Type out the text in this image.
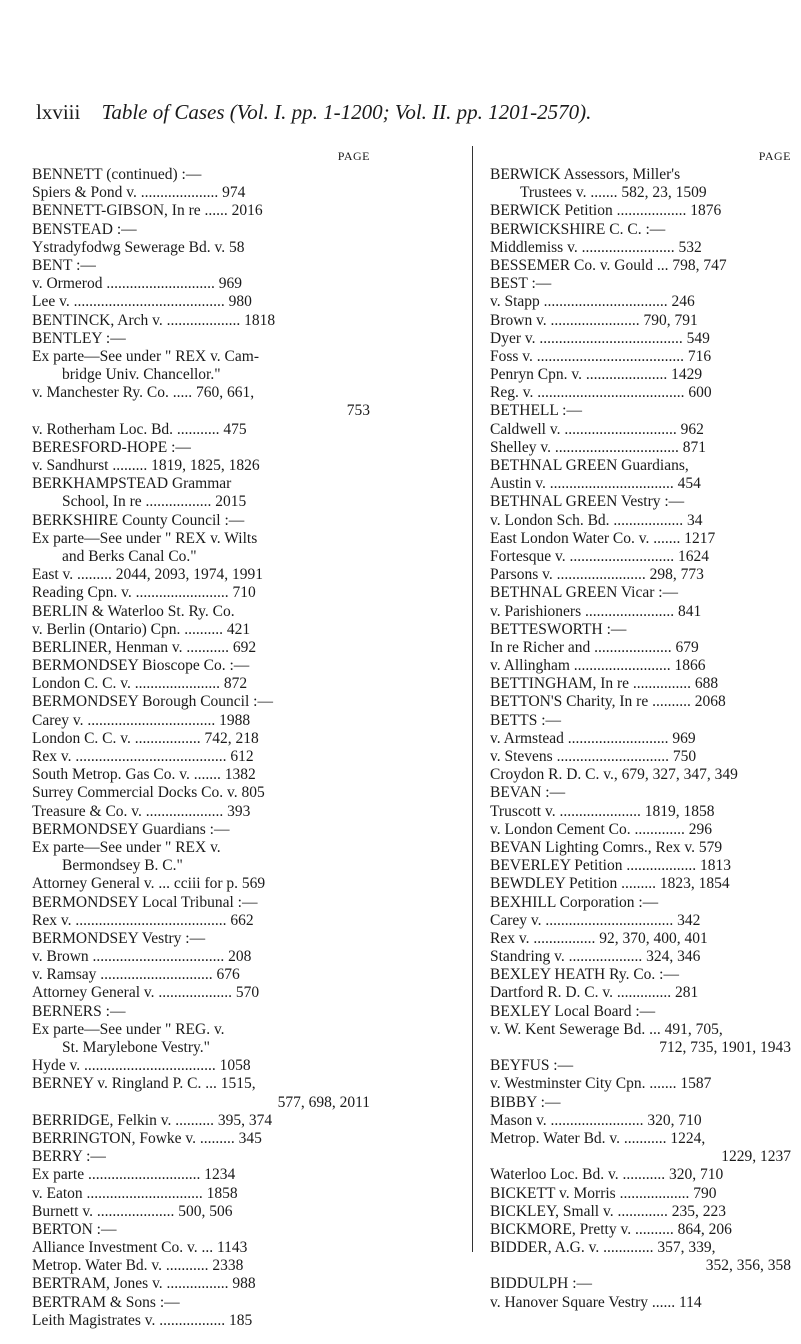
lxviii Table of Cases (Vol. I. pp. 1-1200; Vol. II. pp. 1201-2570).
PAGE
BENNETT (continued) :—
Spiers & Pond v. .................... 974
BENNETT-GIBSON, In re ...... 2016
BENSTEAD :—
Ystradyfodwg Sewerage Bd. v. 58
BENT :—
v. Ormerod ............................ 969
Lee v. ....................................... 980
BENTINCK, Arch v. ................... 1818
BENTLEY :—
Ex parte—See under " REX v. Cam-
bridge Univ. Chancellor."
v. Manchester Ry. Co. ..... 760, 661,
753
v. Rotherham Loc. Bd. ........... 475
BERESFORD-HOPE :—
v. Sandhurst ......... 1819, 1825, 1826
BERKHAMPSTEAD Grammar
School, In re ................. 2015
BERKSHIRE County Council :—
Ex parte—See under " REX v. Wilts
and Berks Canal Co."
East v. ......... 2044, 2093, 1974, 1991
Reading Cpn. v. ........................ 710
BERLIN & Waterloo St. Ry. Co.
v. Berlin (Ontario) Cpn. .......... 421
BERLINER, Henman v. ........... 692
BERMONDSEY Bioscope Co. :—
London C. C. v. ...................... 872
BERMONDSEY Borough Council :—
Carey v. ................................. 1988
London C. C. v. ................. 742, 218
Rex v. ....................................... 612
South Metrop. Gas Co. v. ....... 1382
Surrey Commercial Docks Co. v. 805
Treasure & Co. v. .................... 393
BERMONDSEY Guardians :—
Ex parte—See under " REX v.
Bermondsey B. C."
Attorney General v. ... cciii for p. 569
BERMONDSEY Local Tribunal :—
Rex v. ....................................... 662
BERMONDSEY Vestry :—
v. Brown .................................. 208
v. Ramsay ............................. 676
Attorney General v. ................... 570
BERNERS :—
Ex parte—See under " REG. v.
St. Marylebone Vestry."
Hyde v. .................................. 1058
BERNEY v. Ringland P. C. ... 1515,
577, 698, 2011
BERRIDGE, Felkin v. .......... 395, 374
BERRINGTON, Fowke v. ......... 345
BERRY :—
Ex parte ............................. 1234
v. Eaton .............................. 1858
Burnett v. .................... 500, 506
BERTON :—
Alliance Investment Co. v. ... 1143
Metrop. Water Bd. v. ........... 2338
BERTRAM, Jones v. ................ 988
BERTRAM & Sons :—
Leith Magistrates v. ................. 185
PAGE
BERWICK Assessors, Miller's
Trustees v. ....... 582, 23, 1509
BERWICK Petition .................. 1876
BERWICKSHIRE C. C. :—
Middlemiss v. ........................ 532
BESSEMER Co. v. Gould ... 798, 747
BEST :—
v. Stapp ................................ 246
Brown v. ....................... 790, 791
Dyer v. ..................................... 549
Foss v. ...................................... 716
Penryn Cpn. v. ..................... 1429
Reg. v. ...................................... 600
BETHELL :—
Caldwell v. ............................. 962
Shelley v. ................................ 871
BETHNAL GREEN Guardians,
Austin v. ................................ 454
BETHNAL GREEN Vestry :—
v. London Sch. Bd. .................. 34
East London Water Co. v. ....... 1217
Fortesque v. ........................... 1624
Parsons v. ....................... 298, 773
BETHNAL GREEN Vicar :—
v. Parishioners ....................... 841
BETTESWORTH :—
In re Richer and .................... 679
v. Allingham ......................... 1866
BETTINGHAM, In re ............... 688
BETTON'S Charity, In re .......... 2068
BETTS :—
v. Armstead .......................... 969
v. Stevens ............................. 750
Croydon R. D. C. v., 679, 327, 347, 349
BEVAN :—
Truscott v. ..................... 1819, 1858
v. London Cement Co. ............. 296
BEVAN Lighting Comrs., Rex v. 579
BEVERLEY Petition .................. 1813
BEWDLEY Petition ......... 1823, 1854
BEXHILL Corporation :—
Carey v. ................................. 342
Rex v. ................ 92, 370, 400, 401
Standring v. ................... 324, 346
BEXLEY HEATH Ry. Co. :—
Dartford R. D. C. v. .............. 281
BEXLEY Local Board :—
v. W. Kent Sewerage Bd. ... 491, 705,
712, 735, 1901, 1943
BEYFUS :—
v. Westminster City Cpn. ....... 1587
BIBBY :—
Mason v. ........................ 320, 710
Metrop. Water Bd. v. ........... 1224,
1229, 1237
Waterloo Loc. Bd. v. ........... 320, 710
BICKETT v. Morris .................. 790
BICKLEY, Small v. ............. 235, 223
BICKMORE, Pretty v. .......... 864, 206
BIDDER, A.G. v. ............. 357, 339,
352, 356, 358
BIDDULPH :—
v. Hanover Square Vestry ...... 114
